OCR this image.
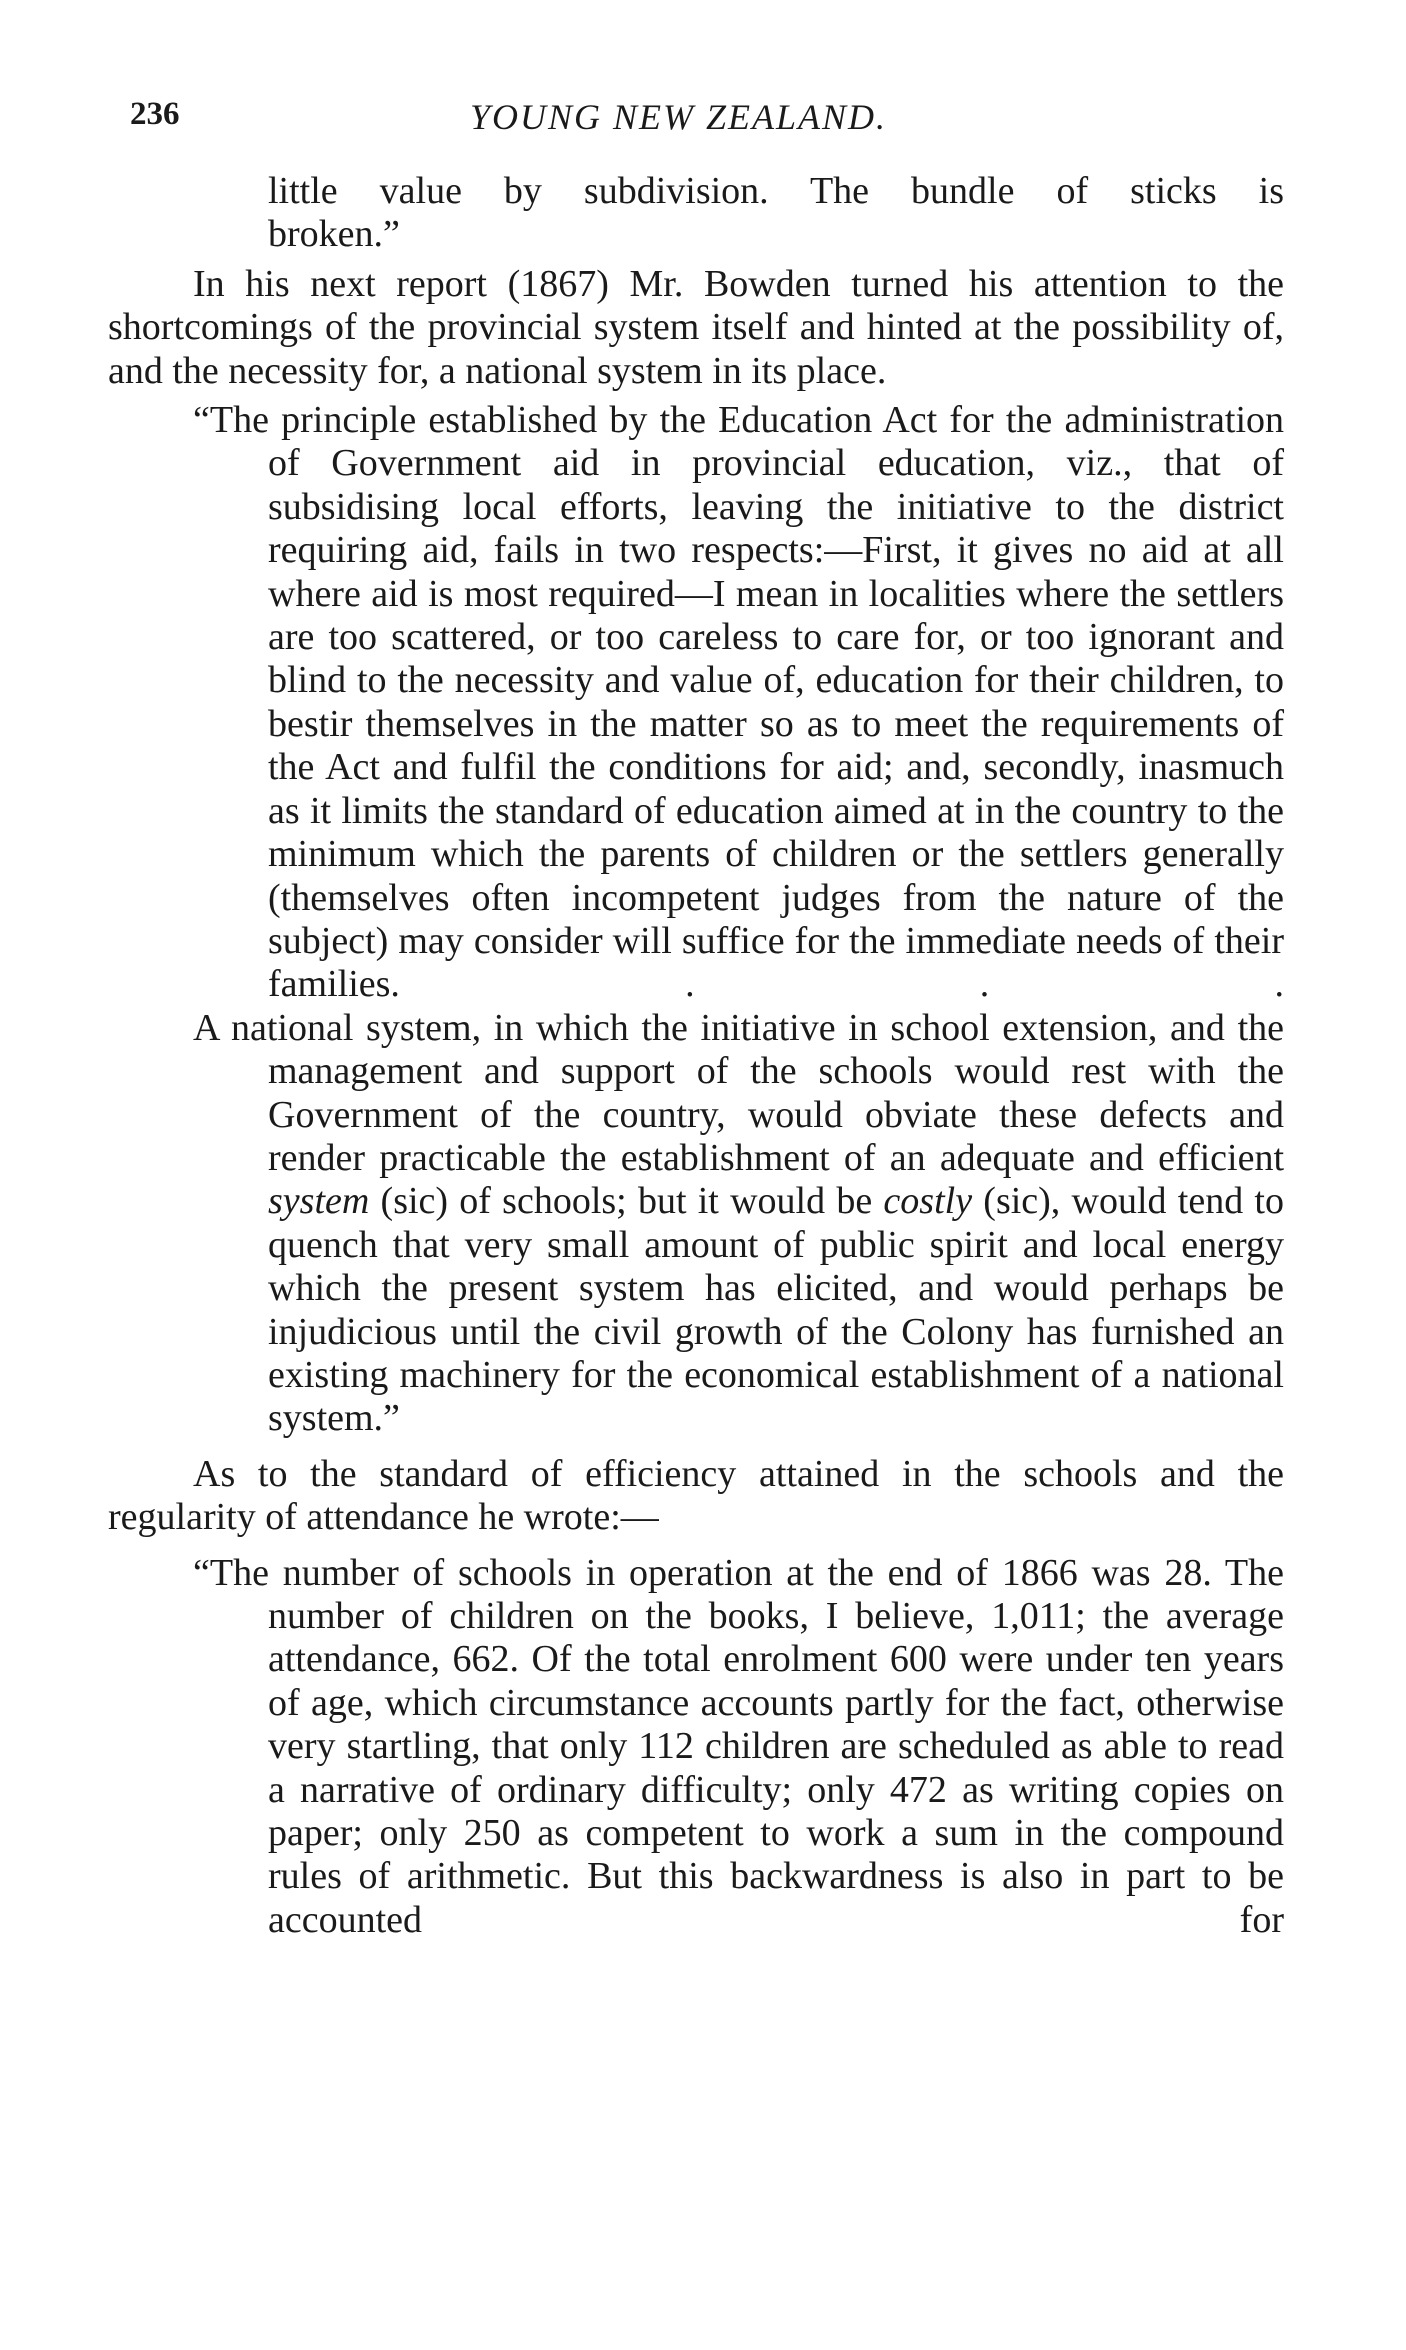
236	YOUNG NEW ZEALAND.

little value by subdivision. The bundle of sticks is

broken.”

In his next report (1867) Mr. Bowden turned his attention to the shortcomings of the provincial system itself and hinted at the possibility of, and the necessity for, a national system in its place.

“The principle established by the Education Act for the administration of Government aid in provincial education, viz., that of subsidising local efforts, leaving the initiative to the district requiring aid, fails in two respects:—First, it gives no aid at all where aid is most required—I mean in localities where the settlers are too scattered, or too careless to care for, or too ignorant and blind to the necessity and value of, education for their children, to bestir themselves in the matter so as to meet the requirements of the Act and fulfil the conditions for aid; and, secondly, inasmuch as it limits the standard of education aimed at in the country to the minimum which the parents of children or the settlers generally (themselves often incompetent judges from the nature of the subject) may consider will suffice for the immediate needs of their families. . . .

A national system, in which the initiative in school extension, and the management and support of the schools would rest with the Government of the country, would obviate these defects and render practicable the establishment of an adequate and efficient system (sic) of schools; but it would be costly (sic), would tend to quench that very small amount of public spirit and local energy which the present system has elicited, and would perhaps be injudicious until the civil growth of the Colony has furnished an existing machinery for the economical establishment of a national system.”

As to the standard of efficiency attained in the schools and the regularity of attendance he wrote:—

“The number of schools in operation at the end of 1866 was 28. The number of children on the books, I believe, 1,011; the average attendance, 662. Of the total enrolment 600 were under ten years of age, which circumstance accounts partly for the fact, otherwise very startling, that only 112 children are scheduled as able to read a narrative of ordinary difficulty; only 472 as writing copies on paper; only 250 as competent to work a sum in the compound rules of arithmetic. But this backwardness is also in part to be accounted for
